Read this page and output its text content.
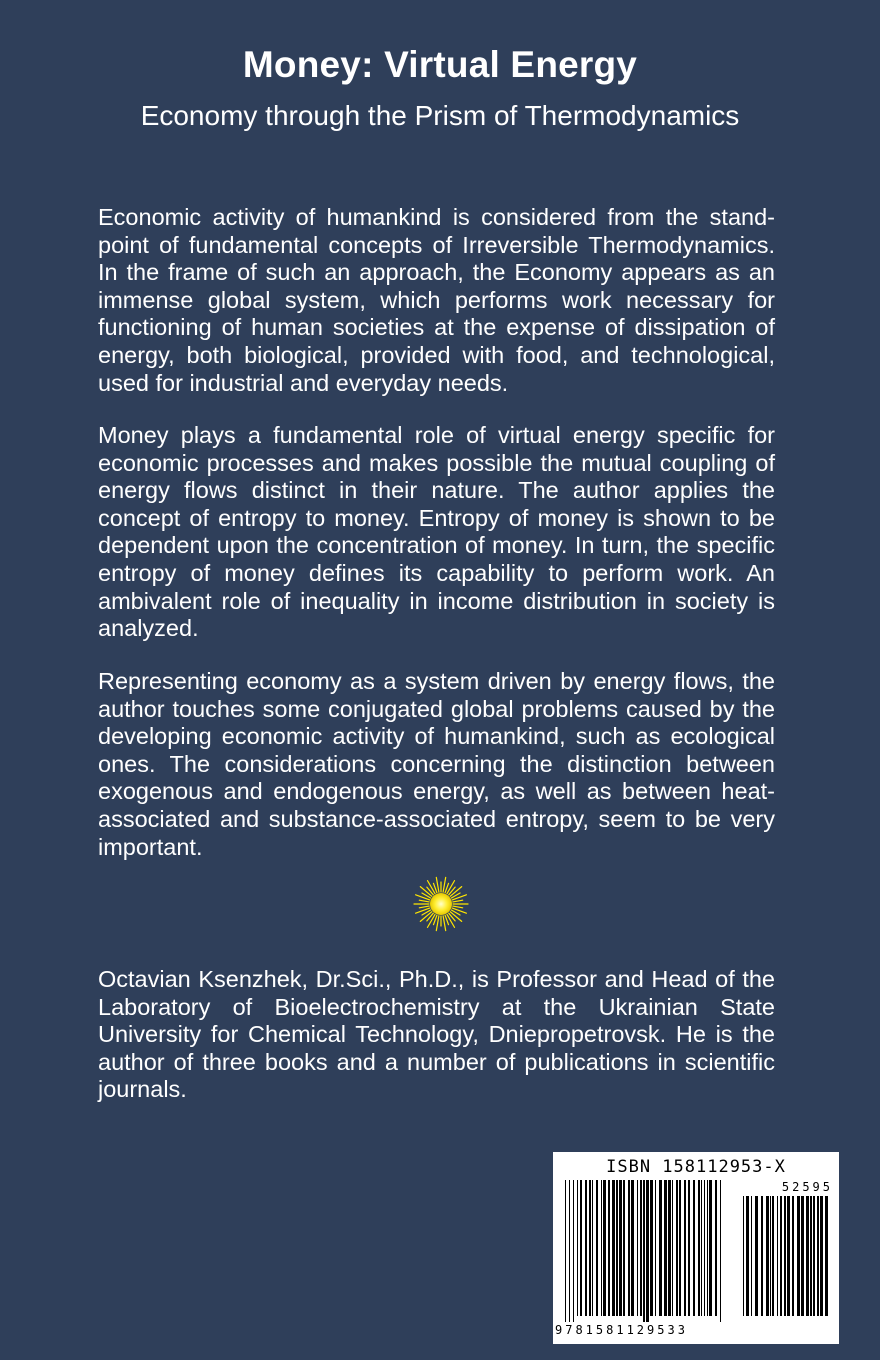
Money: Virtual Energy
Economy through the Prism of Thermodynamics
Economic activity of humankind is considered from the stand-point of fundamental concepts of Irreversible Thermodynamics. In the frame of such an approach, the Economy appears as an immense global system, which performs work necessary for functioning of human societies at the expense of dissipation of energy, both biological, provided with food, and technological, used for industrial and everyday needs.
Money plays a fundamental role of virtual energy specific for economic processes and makes possible the mutual coupling of energy flows distinct in their nature. The author applies the concept of entropy to money. Entropy of money is shown to be dependent upon the concentration of money. In turn, the specific entropy of money defines its capability to perform work. An ambivalent role of inequality in income distribution in society is analyzed.
Representing economy as a system driven by energy flows, the author touches some conjugated global problems caused by the developing economic activity of humankind, such as ecological ones. The considerations concerning the distinction between exogenous and endogenous energy, as well as between heat-associated and substance-associated entropy, seem to be very important.
Octavian Ksenzhek, Dr.Sci., Ph.D., is Professor and Head of the Laboratory of Bioelectrochemistry at the Ukrainian State University for Chemical Technology, Dniepropetrovsk. He is the author of three books and a number of publications in scientific journals.
ISBN 158112953-X
52595
9781581129533
